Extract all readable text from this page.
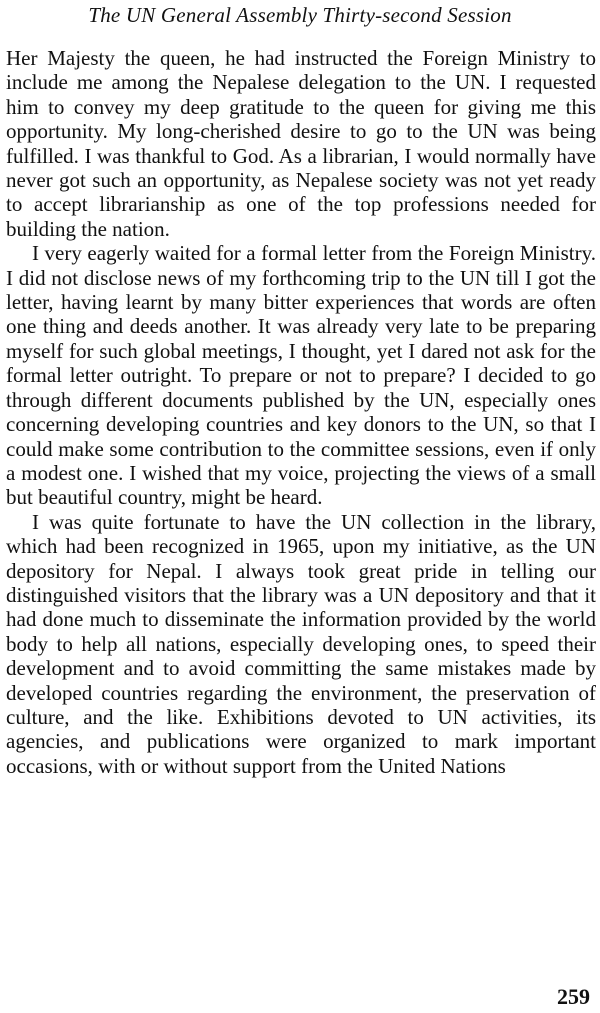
The UN General Assembly Thirty-second Session

Her Majesty the queen, he had instructed the Foreign Ministry to include me among the Nepalese delegation to the UN. I requested him to convey my deep gratitude to the queen for giving me this opportunity. My long-cherished desire to go to the UN was being fulfilled. I was thankful to God. As a librarian, I would normally have never got such an opportunity, as Nepalese society was not yet ready to accept librarianship as one of the top professions needed for building the nation.

I very eagerly waited for a formal letter from the Foreign Ministry. I did not disclose news of my forthcoming trip to the UN till I got the letter, having learnt by many bitter experiences that words are often one thing and deeds another. It was already very late to be preparing myself for such global meetings, I thought, yet I dared not ask for the formal letter outright. To prepare or not to prepare? I decided to go through different documents published by the UN, especially ones concerning developing countries and key donors to the UN, so that I could make some contribution to the committee sessions, even if only a modest one. I wished that my voice, projecting the views of a small but beautiful country, might be heard.

I was quite fortunate to have the UN collection in the library, which had been recognized in 1965, upon my initiative, as the UN depository for Nepal. I always took great pride in telling our distinguished visitors that the library was a UN depository and that it had done much to disseminate the information provided by the world body to help all nations, especially developing ones, to speed their development and to avoid committing the same mistakes made by developed countries regarding the environment, the preservation of culture, and the like. Exhibitions devoted to UN activities, its agencies, and publications were organized to mark important occasions, with or without support from the United Nations

259
